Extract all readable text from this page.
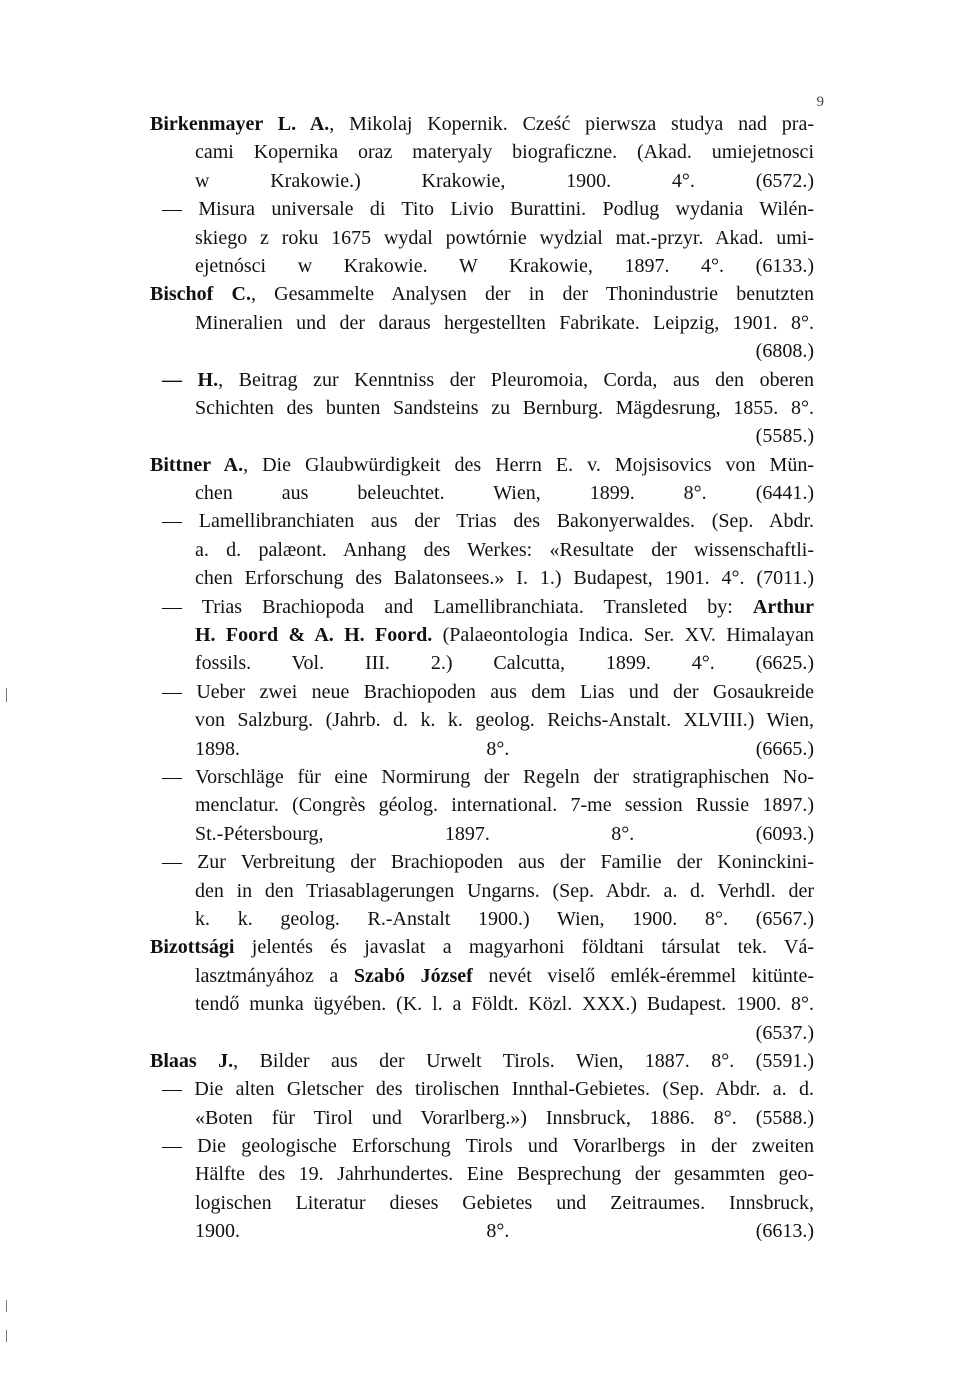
9
Birkenmayer L. A., Mikolaj Kopernik. Cześć pierwsza studya nad pra-
cami Kopernika oraz materyaly biograficzne. (Akad. umiejetnosci
w Krakowie.) Krakowie, 1900. 4°.	(6572.)
— Misura universale di Tito Livio Burattini. Podlug wydania Wilén-
skiego z roku 1675 wydal powtórnie wydzial mat.-przyr. Akad. umi-
ejetnósci w Krakowie. W Krakowie, 1897. 4°. (6133.)
Bischof C., Gesammelte Analysen der in der Thonindustrie benutzten
Mineralien und der daraus hergestellten Fabrikate. Leipzig, 1901. 8°.
(6808.)
— H., Beitrag zur Kenntniss der Pleuromoia, Corda, aus den oberen
Schichten des bunten Sandsteins zu Bernburg. Mägdesrung, 1855. 8°.
(5585.)
Bittner A., Die Glaubwürdigkeit des Herrn E. v. Mojsisovics von Mün-
chen aus beleuchtet. Wien, 1899. 8°. (6441.)
— Lamellibranchiaten aus der Trias des Bakonyerwaldes. (Sep. Abdr.
a. d. palæont. Anhang des Werkes: «Resultate der wissenschaftli-
chen Erforschung des Balatonsees.» I. 1.) Budapest, 1901. 4°. (7011.)
— Trias Brachiopoda and Lamellibranchiata. Transleted by: Arthur
H. Foord & A. H. Foord. (Palaeontologia Indica. Ser. XV. Himalayan
fossils. Vol. III. 2.) Calcutta, 1899. 4°. (6625.)
— Ueber zwei neue Brachiopoden aus dem Lias und der Gosaukreide
von Salzburg. (Jahrb. d. k. k. geolog. Reichs-Anstalt. XLVIII.) Wien,
1898. 8°.	(6665.)
— Vorschläge für eine Normirung der Regeln der stratigraphischen No-
menclatur. (Congrès géolog. international. 7-me session Russie 1897.)
St.-Pétersbourg, 1897. 8°.	(6093.)
— Zur Verbreitung der Brachiopoden aus der Familie der Koninckini-
den in den Triasablagerungen Ungarns. (Sep. Abdr. a. d. Verhdl. der
k. k. geolog. R.-Anstalt 1900.) Wien, 1900. 8°. (6567.)
Bizottsági jelentés és javaslat a magyarhoni földtani társulat tek. Vá-
lasztmányához a Szabó József nevét viselő emlék-éremmel kitünte-
tendő munka ügyében. (K. l. a Földt. Közl. XXX.) Budapest. 1900. 8°.
(6537.)
Blaas J., Bilder aus der Urwelt Tirols. Wien, 1887. 8°. (5591.)
— Die alten Gletscher des tirolischen Innthal-Gebietes. (Sep. Abdr. a. d.
«Boten für Tirol und Vorarlberg.») Innsbruck, 1886. 8°. (5588.)
— Die geologische Erforschung Tirols und Vorarlbergs in der zweiten
Hälfte des 19. Jahrhundertes. Eine Besprechung der gesammten geo-
logischen Literatur dieses Gebietes und Zeitraumes. Innsbruck,
1900. 8°.	(6613.)
